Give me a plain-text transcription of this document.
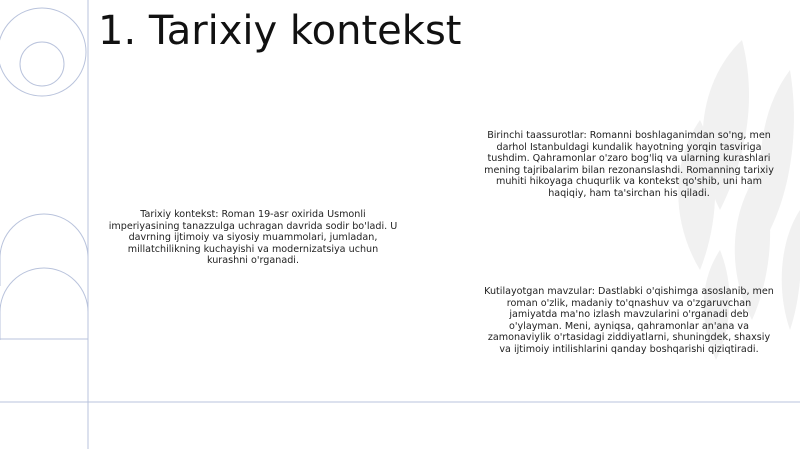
1. Tarixiy kontekst

Tarixiy kontekst: Roman 19-asr oxirida Usmonli imperiyasining tanazzulga uchragan davrida sodir bo'ladi. U davrning ijtimoiy va siyosiy muammolari, jumladan, millatchilikning kuchayishi va modernizatsiya uchun kurashni o'rganadi.

Birinchi taassurotlar: Romanni boshlaganimdan so'ng, men darhol Istanbuldagi kundalik hayotning yorqin tasviriga tushdim. Qahramonlar o'zaro bog'liq va ularning kurashlari mening tajribalarim bilan rezonanslashdi. Romanning tarixiy muhiti hikoyaga chuqurlik va kontekst qo'shib, uni ham haqiqiy, ham ta'sirchan his qiladi.

Kutilayotgan mavzular: Dastlabki o'qishimga asoslanib, men roman o'zlik, madaniy to'qnashuv va o'zgaruvchan jamiyatda ma'no izlash mavzularini o'rganadi deb o'ylayman. Meni, ayniqsa, qahramonlar an'ana va zamonaviylik o'rtasidagi ziddiyatlarni, shuningdek, shaxsiy va ijtimoiy intilishlarini qanday boshqarishi qiziqtiradi.
